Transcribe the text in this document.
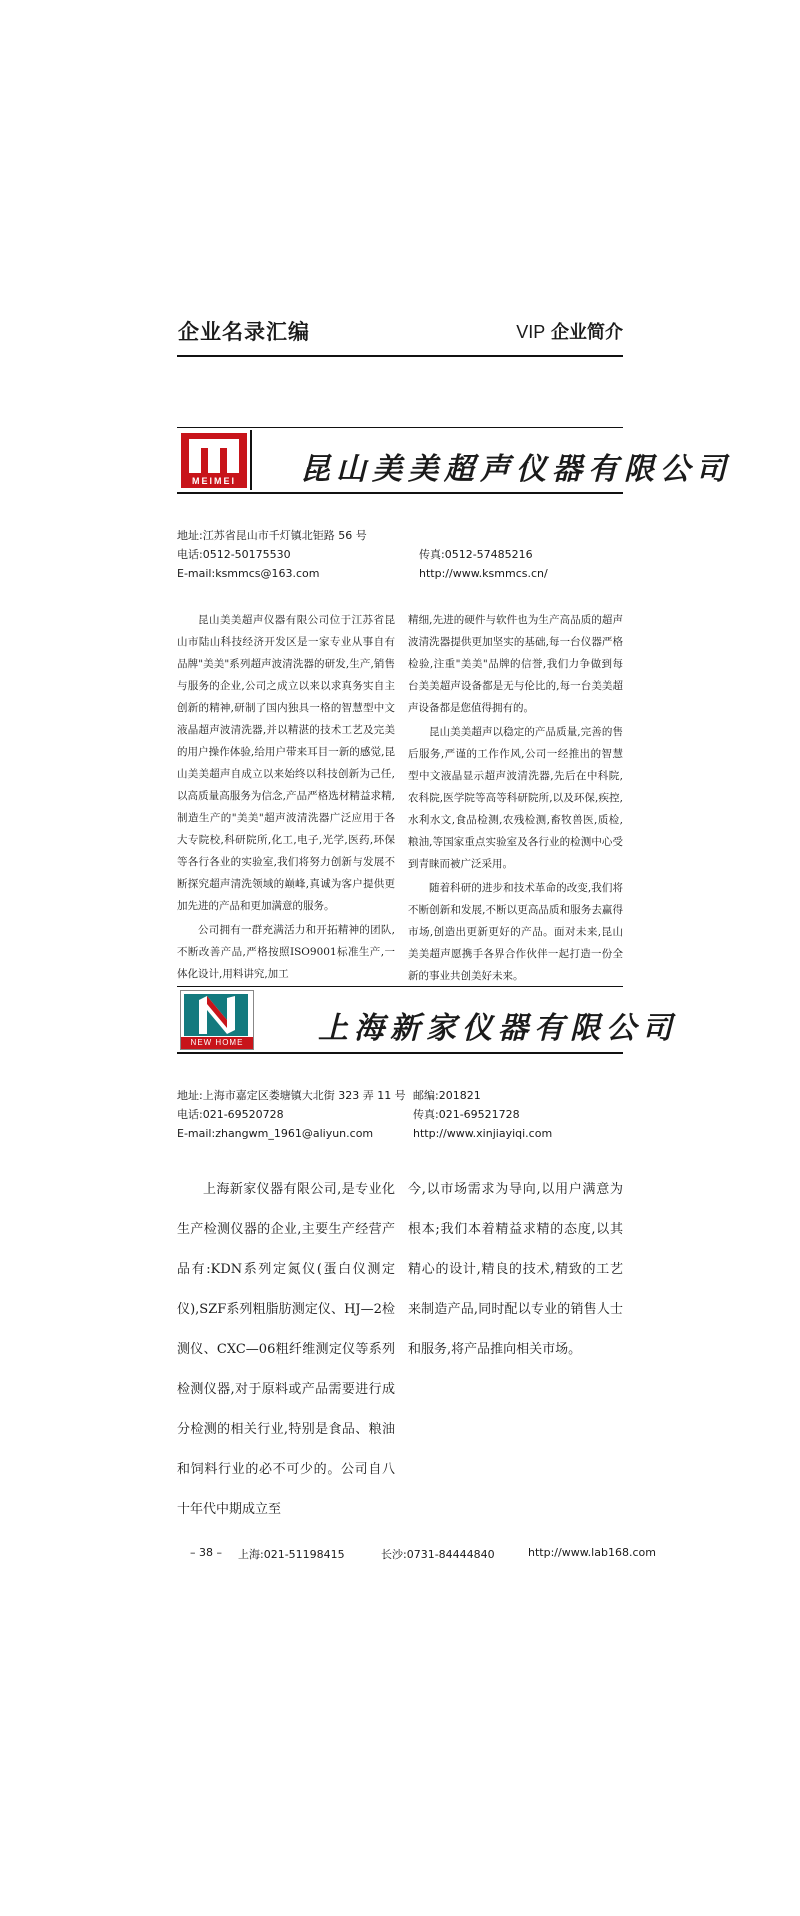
企业名录汇编	VIP 企业简介
MEIMEI	昆山美美超声仪器有限公司
地址:江苏省昆山市千灯镇北钜路 56 号
电话:0512-50175530	传真:0512-57485216
E-mail:ksmmcs@163.com	http://www.ksmmcs.cn/

昆山美美超声仪器有限公司位于江苏省昆山市陆山科技经济开发区是一家专业从事自有品牌"美美"系列超声波清洗器的研发,生产,销售与服务的企业,公司之成立以来以求真务实自主创新的精神,研制了国内独具一格的智慧型中文液晶超声波清洗器,并以精湛的技术工艺及完美的用户操作体验,给用户带来耳目一新的感觉,昆山美美超声自成立以来始终以科技创新为己任,以高质量高服务为信念,产品严格选材精益求精,制造生产的"美美"超声波清洗器广泛应用于各大专院校,科研院所,化工,电子,光学,医药,环保等各行各业的实验室,我们将努力创新与发展不断探究超声清洗领域的巅峰,真诚为客户提供更加先进的产品和更加满意的服务。

公司拥有一群充满活力和开拓精神的团队,不断改善产品,严格按照ISO9001标准生产,一体化设计,用料讲究,加工

精细,先进的硬件与软件也为生产高品质的超声波清洗器提供更加坚实的基础,每一台仪器严格检验,注重"美美"品牌的信誉,我们力争做到每台美美超声设备都是无与伦比的,每一台美美超声设备都是您值得拥有的。

昆山美美超声以稳定的产品质量,完善的售后服务,严谨的工作作风,公司一经推出的智慧型中文液晶显示超声波清洗器,先后在中科院,农科院,医学院等高等科研院所,以及环保,疾控,水利水文,食品检测,农残检测,畜牧兽医,质检,粮油,等国家重点实验室及各行业的检测中心受到青睐而被广泛采用。

随着科研的进步和技术革命的改变,我们将不断创新和发展,不断以更高品质和服务去赢得市场,创造出更新更好的产品。面对未来,昆山美美超声愿携手各界合作伙伴一起打造一份全新的事业共创美好未来。

NEW HOME	上海新家仪器有限公司
地址:上海市嘉定区娄塘镇大北街 323 弄 11 号 邮编:201821
电话:021-69520728	传真:021-69521728
E-mail:zhangwm_1961@aliyun.com	http://www.xinjiayiqi.com

上海新家仪器有限公司,是专业化生产检测仪器的企业,主要生产经营产品有:KDN系列定氮仪(蛋白仪测定仪),SZF系列粗脂肪测定仪、HJ—2检测仪、CXC—06粗纤维测定仪等系列检测仪器,对于原料或产品需要进行成分检测的相关行业,特别是食品、粮油和饲料行业的必不可少的。公司自八十年代中期成立至

今,以市场需求为导向,以用户满意为根本;我们本着精益求精的态度,以其精心的设计,精良的技术,精致的工艺来制造产品,同时配以专业的销售人士和服务,将产品推向相关市场。

– 38 – 上海:021-51198415	长沙:0731-84444840	http://www.lab168.com
